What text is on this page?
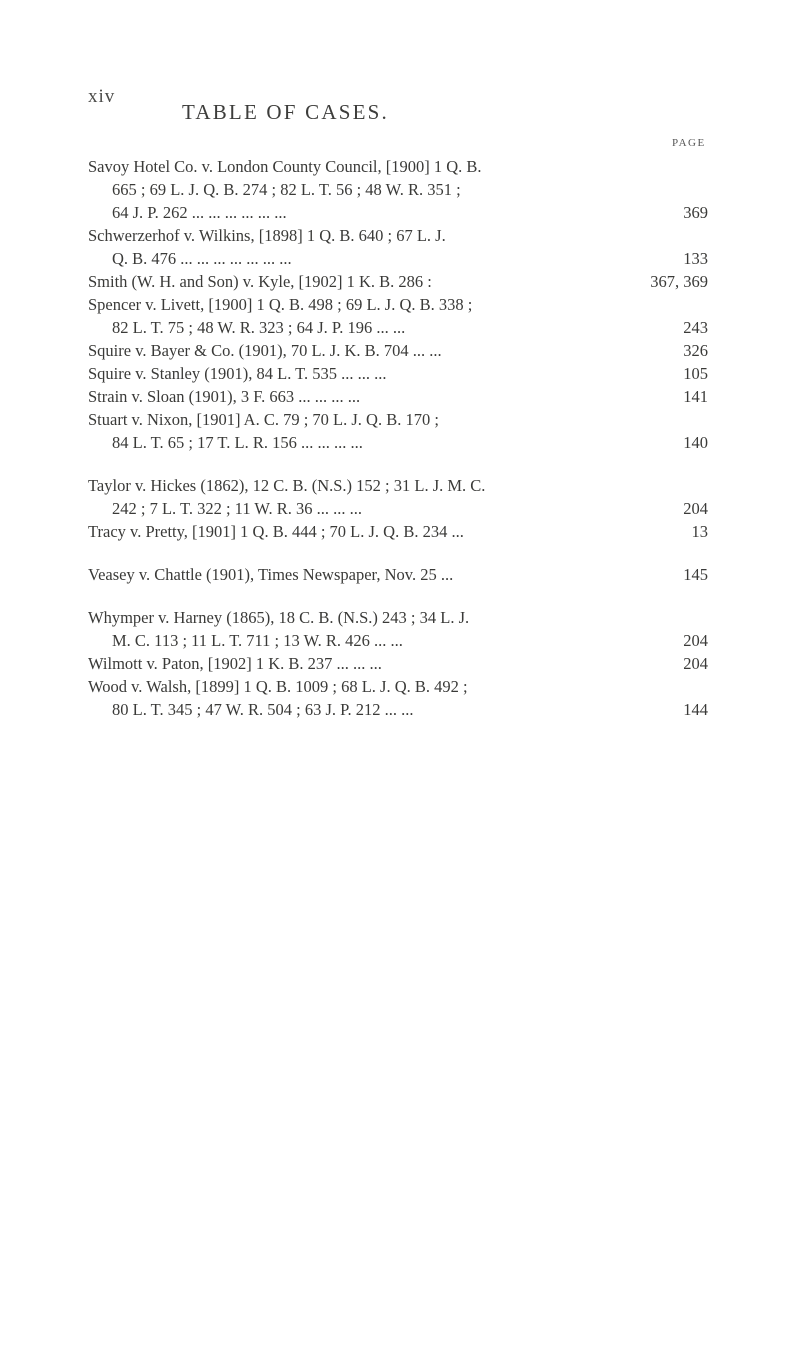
xiv
TABLE OF CASES.
PAGE
Savoy Hotel Co. v. London County Council, [1900] 1 Q. B.
665 ; 69 L. J. Q. B. 274 ; 82 L. T. 56 ; 48 W. R. 351 ;
64 J. P. 262 ... ... ... ... ... ...	369
Schwerzerhof v. Wilkins, [1898] 1 Q. B. 640 ; 67 L. J.
Q. B. 476 ... ... ... ... ... ... ...	133
Smith (W. H. and Son) v. Kyle, [1902] 1 K. B. 286 :	367, 369
Spencer v. Livett, [1900] 1 Q. B. 498 ; 69 L. J. Q. B. 338 ;
82 L. T. 75 ; 48 W. R. 323 ; 64 J. P. 196 ... ...	243
Squire v. Bayer & Co. (1901), 70 L. J. K. B. 704 ... ...	326
Squire v. Stanley (1901), 84 L. T. 535 ... ... ...	105
Strain v. Sloan (1901), 3 F. 663 ... ... ... ...	141
Stuart v. Nixon, [1901] A. C. 79 ; 70 L. J. Q. B. 170 ;
84 L. T. 65 ; 17 T. L. R. 156 ... ... ... ...	140
Taylor v. Hickes (1862), 12 C. B. (N.S.) 152 ; 31 L. J. M. C.
242 ; 7 L. T. 322 ; 11 W. R. 36 ... ... ...	204
Tracy v. Pretty, [1901] 1 Q. B. 444 ; 70 L. J. Q. B. 234 ...	13
Veasey v. Chattle (1901), Times Newspaper, Nov. 25 ...	145
Whymper v. Harney (1865), 18 C. B. (N.S.) 243 ; 34 L. J.
M. C. 113 ; 11 L. T. 711 ; 13 W. R. 426 ... ...	204
Wilmott v. Paton, [1902] 1 K. B. 237 ... ... ...	204
Wood v. Walsh, [1899] 1 Q. B. 1009 ; 68 L. J. Q. B. 492 ;
80 L. T. 345 ; 47 W. R. 504 ; 63 J. P. 212 ... ...	144
